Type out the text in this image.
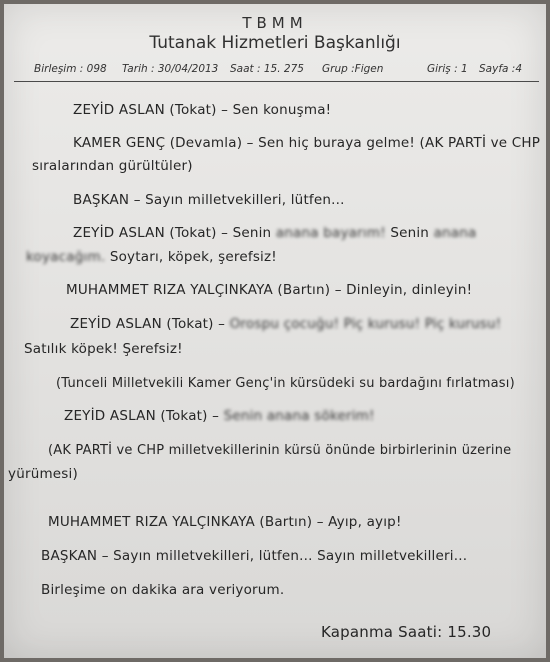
TBMM
Tutanak Hizmetleri Başkanlığı
Birleşim : 098 Tarih : 30/04/2013 Saat : 15. 275 Grup :Figen	Giriş : 1 Sayfa :4
ZEYİD ASLAN (Tokat) – Sen konuşma!
KAMER GENÇ (Devamla) – Sen hiç buraya gelme! (AK PARTİ ve CHP
sıralarından gürültüler)
BAŞKAN – Sayın milletvekilleri, lütfen...
ZEYİD ASLAN (Tokat) – Senin anana bayarım! Senin anana
koyacağım. Soytarı, köpek, şerefsiz!
MUHAMMET RIZA YALÇINKAYA (Bartın) – Dinleyin, dinleyin!
ZEYİD ASLAN (Tokat) – Orospu çocuğu! Piç kurusu! Piç kurusu!
Satılık köpek! Şerefsiz!
(Tunceli Milletvekili Kamer Genç'in kürsüdeki su bardağını fırlatması)
ZEYİD ASLAN (Tokat) – Senin anana sökerim!
(AK PARTİ ve CHP milletvekillerinin kürsü önünde birbirlerinin üzerine
yürümesi)
MUHAMMET RIZA YALÇINKAYA (Bartın) – Ayıp, ayıp!
BAŞKAN – Sayın milletvekilleri, lütfen... Sayın milletvekilleri...
Birleşime on dakika ara veriyorum.
Kapanma Saati: 15.30
